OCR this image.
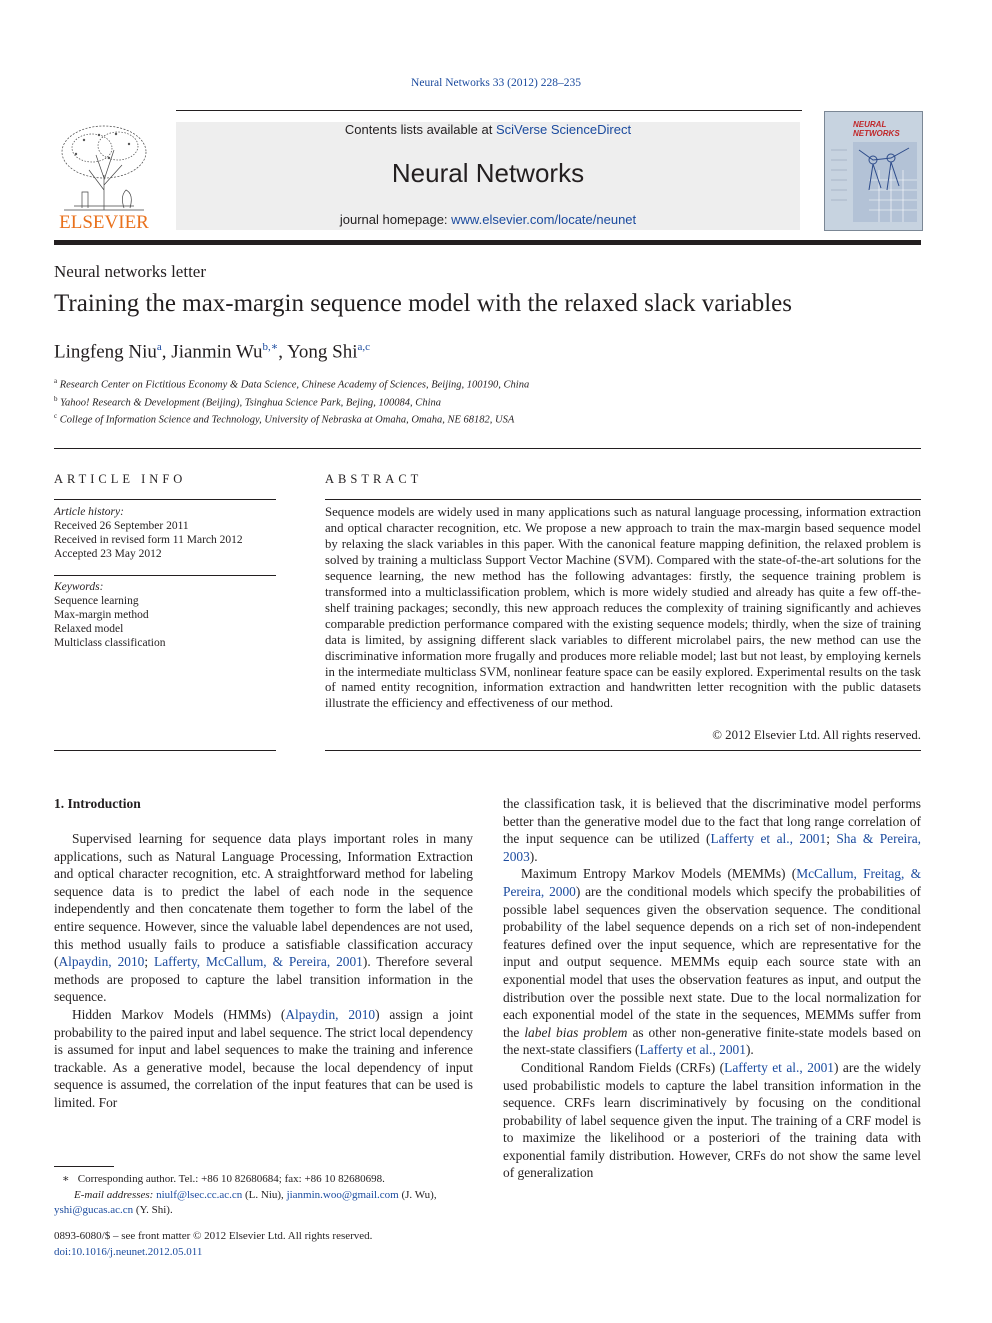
Neural Networks 33 (2012) 228–235
ELSEVIER
Contents lists available at SciVerse ScienceDirect
Neural Networks
journal homepage: www.elsevier.com/locate/neunet
NEURAL NETWORKS
Neural networks letter
Training the max-margin sequence model with the relaxed slack variables
Lingfeng Niu$^a$, Jianmin $Wu^{b,∗}$, Yong Shi$^{a,c}$
$^a$ Research Center on Fictitious Economy & Data Science, Chinese Academy of Sciences, Beijing, 100190, China
$^b$ Yahoo! Research & Development (Beijing), Tsinghua Science Park, Bejing, 100084, China
$^c$ College of Information Science and Technology, University of Nebraska at Omaha, Omaha, NE 68182, USA
ARTICLE INFO
Article history:
Received 26 September 2011
Received in revised form 11 March 2012
Accepted 23 May 2012
Keywords:
Sequence learning
Max-margin method
Relaxed model
Multiclass classification
ABSTRACT
Sequence models are widely used in many applications such as natural language processing, information extraction and optical character recognition, etc. We propose a new approach to train the max-margin based sequence model by relaxing the slack variables in this paper. With the canonical feature mapping definition, the relaxed problem is solved by training a multiclass Support Vector Machine (SVM). Compared with the state-of-the-art solutions for the sequence learning, the new method has the following advantages: firstly, the sequence training problem is transformed into a multiclassification problem, which is more widely studied and already has quite a few off-the-shelf training packages; secondly, this new approach reduces the complexity of training significantly and achieves comparable prediction performance compared with the existing sequence models; thirdly, when the size of training data is limited, by assigning different slack variables to different microlabel pairs, the new method can use the discriminative information more frugally and produces more reliable model; last but not least, by employing kernels in the intermediate multiclass SVM, nonlinear feature space can be easily explored. Experimental results on the task of named entity recognition, information extraction and handwritten letter recognition with the public datasets illustrate the efficiency and effectiveness of our method.
© 2012 Elsevier Ltd. All rights reserved.
1. Introduction

Supervised learning for sequence data plays important roles in many applications, such as Natural Language Processing, Information Extraction and optical character recognition, etc. A straightforward method for labeling sequence data is to predict the label of each node in the sequence independently and then concatenate them together to form the label of the entire sequence. However, since the valuable label dependences are not used, this method usually fails to produce a satisfiable classification accuracy (Alpaydin, 2010; Lafferty, McCallum, & Pereira, 2001). Therefore several methods are proposed to capture the label transition information in the sequence.

Hidden Markov Models (HMMs) (Alpaydin, 2010) assign a joint probability to the paired input and label sequence. The strict local dependency is assumed for input and label sequences to make the training and inference trackable. As a generative model, because the local dependency of input sequence is assumed, the correlation of the input features that can be used is limited. For

the classification task, it is believed that the discriminative model performs better than the generative model due to the fact that long range correlation of the input sequence can be utilized (Lafferty et al., 2001; Sha & Pereira, 2003).

Maximum Entropy Markov Models (MEMMs) (McCallum, Freitag, & Pereira, 2000) are the conditional models which specify the probabilities of possible label sequences given the observation sequence. The conditional probability of the label sequence depends on a rich set of non-independent features defined over the input sequence, which are representative for the input and output sequence. MEMMs equip each source state with an exponential model that uses the observation features as input, and output the distribution over the possible next state. Due to the local normalization for each exponential model of the state in the sequences, MEMMs suffer from the label bias problem as other non-generative finite-state models based on the next-state classifiers (Lafferty et al., 2001).

Conditional Random Fields (CRFs) (Lafferty et al., 2001) are the widely used probabilistic models to capture the label transition information in the sequence. CRFs learn discriminatively by focusing on the conditional probability of label sequence given the input. The training of a CRF model is to maximize the likelihood or a posteriori of the training data with exponential family distribution. However, CRFs do not show the same level of generalization

∗ Corresponding author. Tel.: +86 10 82680684; fax: +86 10 82680698.
E-mail addresses: niulf@lsec.cc.ac.cn (L. Niu), jianmin.woo@gmail.com (J. Wu),
yshi@gucas.ac.cn (Y. Shi).
0893-6080/$ – see front matter © 2012 Elsevier Ltd. All rights reserved.
doi:10.1016/j.neunet.2012.05.011
